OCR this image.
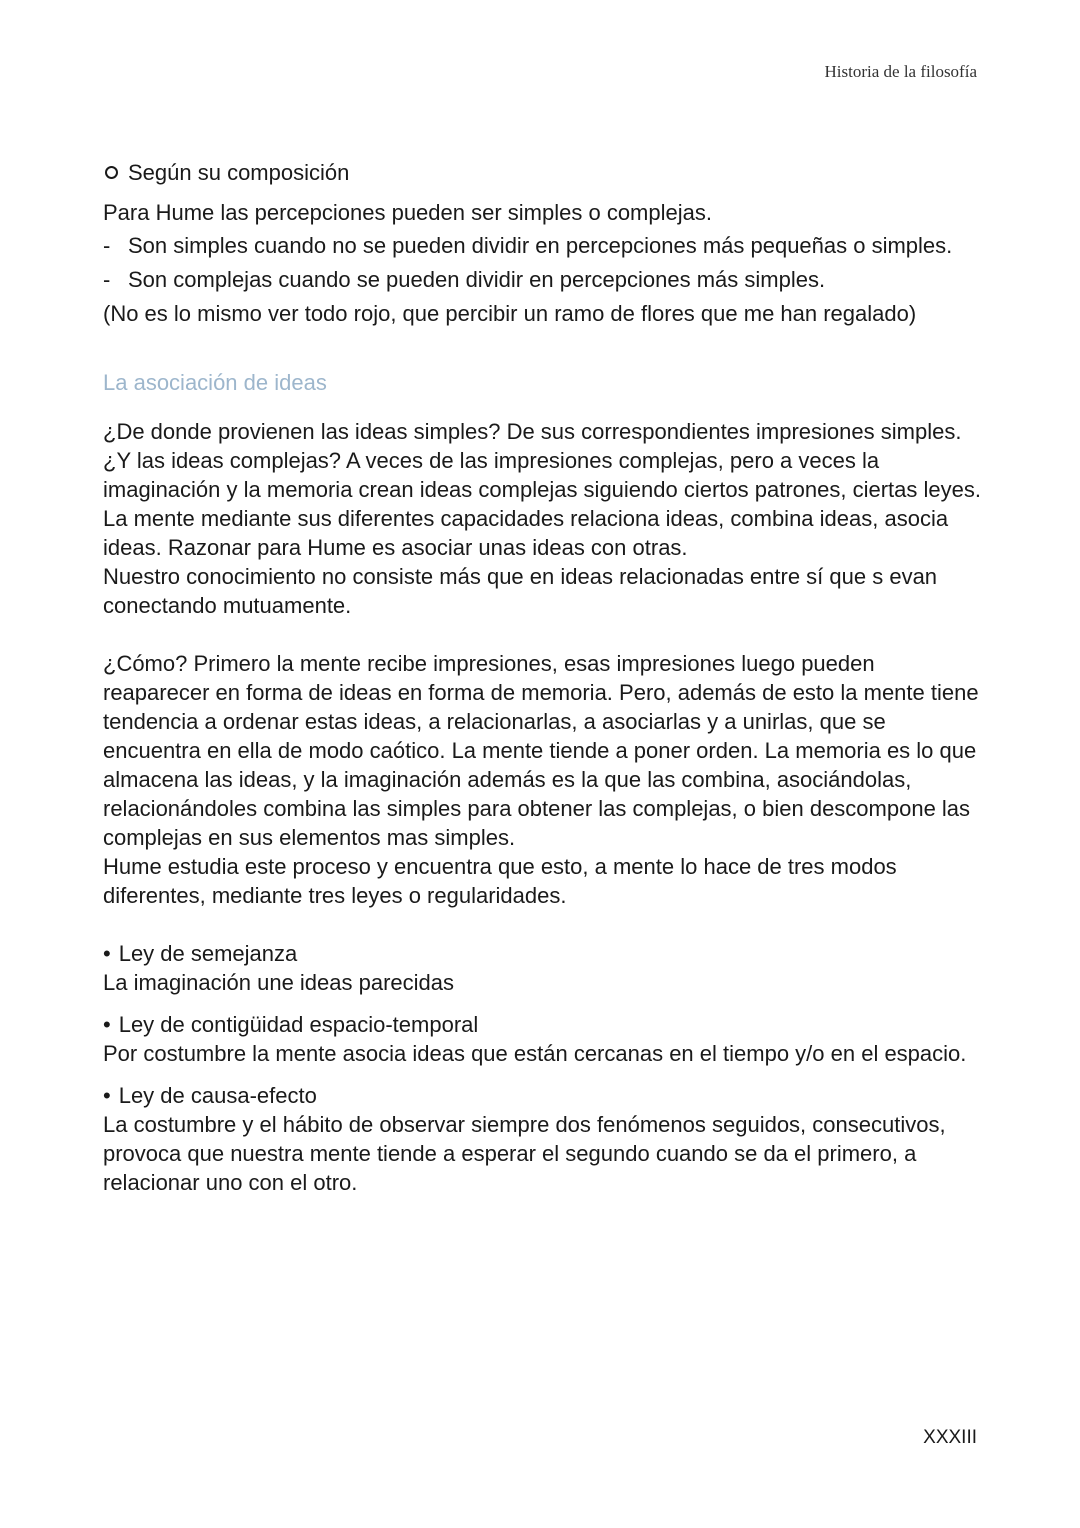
Historia de la filosofía
Según su composición

Para Hume las percepciones pueden ser simples o complejas.

- Son simples cuando no se pueden dividir en percepciones más pequeñas o simples.
- Son complejas cuando se pueden dividir en percepciones más simples.

(No es lo mismo ver todo rojo, que percibir un ramo de flores que me han regalado)

La asociación de ideas

¿De donde provienen las ideas simples? De sus correspondientes impresiones simples.

¿Y las ideas complejas? A veces de las impresiones complejas, pero a veces la imaginación y la memoria crean ideas complejas siguiendo ciertos patrones, ciertas leyes.

La mente mediante sus diferentes capacidades relaciona ideas, combina ideas, asocia ideas. Razonar para Hume es asociar unas ideas con otras.

Nuestro conocimiento no consiste más que en ideas relacionadas entre sí que s evan conectando mutuamente.

¿Cómo? Primero la mente recibe impresiones, esas impresiones luego pueden reaparecer en forma de ideas en forma de memoria. Pero, además de esto la mente tiene tendencia a ordenar estas ideas, a relacionarlas, a asociarlas y a unirlas, que se encuentra en ella de modo caótico. La mente tiende a poner orden. La memoria es lo que almacena las ideas, y la imaginación además es la que las combina, asociándolas, relacionándoles combina las simples para obtener las complejas, o bien descompone las complejas en sus elementos mas simples.

Hume estudia este proceso y encuentra que esto, a mente lo hace de tres modos diferentes, mediante tres leyes o regularidades.

• Ley de semejanza

La imaginación une ideas parecidas

• Ley de contigüidad espacio-temporal

Por costumbre la mente asocia ideas que están cercanas en el tiempo y/o en el espacio.

• Ley de causa-efecto

La costumbre y el hábito de observar siempre dos fenómenos seguidos, consecutivos, provoca que nuestra mente tiende a esperar el segundo cuando se da el primero, a relacionar uno con el otro.

XXXIII
